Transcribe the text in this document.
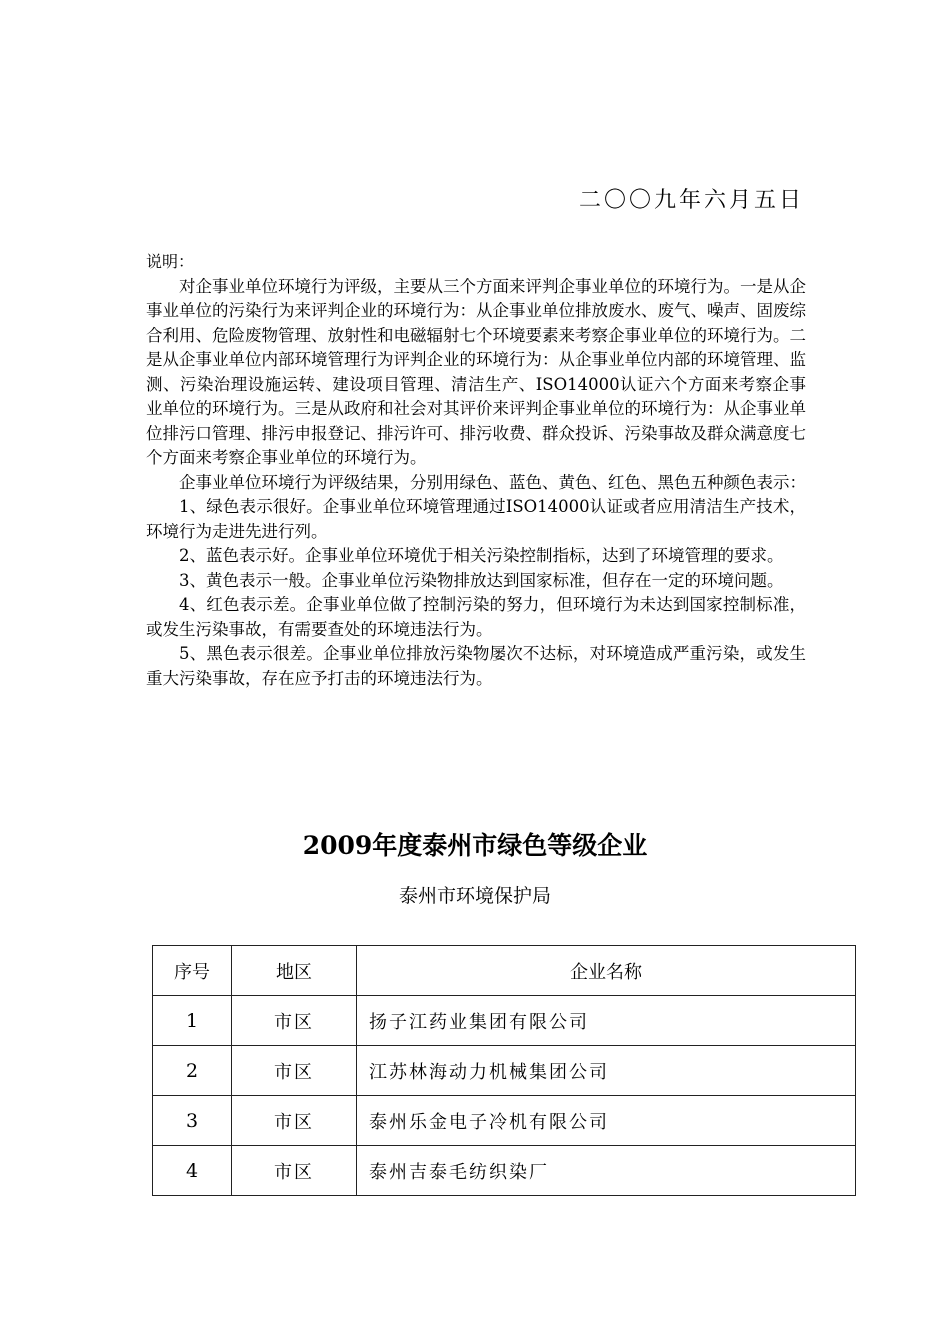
二〇〇九年六月五日
说明：

对企事业单位环境行为评级，主要从三个方面来评判企事业单位的环境行为。一是从企事业单位的污染行为来评判企业的环境行为：从企事业单位排放废水、废气、噪声、固废综合利用、危险废物管理、放射性和电磁辐射七个环境要素来考察企事业单位的环境行为。二是从企事业单位内部环境管理行为评判企业的环境行为：从企事业单位内部的环境管理、监测、污染治理设施运转、建设项目管理、清洁生产、ISO14000认证六个方面来考察企事业单位的环境行为。三是从政府和社会对其评价来评判企事业单位的环境行为：从企事业单位排污口管理、排污申报登记、排污许可、排污收费、群众投诉、污染事故及群众满意度七个方面来考察企事业单位的环境行为。

企事业单位环境行为评级结果，分别用绿色、蓝色、黄色、红色、黑色五种颜色表示：

1、绿色表示很好。企事业单位环境管理通过ISO14000认证或者应用清洁生产技术，环境行为走进先进行列。

2、蓝色表示好。企事业单位环境优于相关污染控制指标，达到了环境管理的要求。

3、黄色表示一般。企事业单位污染物排放达到国家标准，但存在一定的环境问题。

4、红色表示差。企事业单位做了控制污染的努力，但环境行为未达到国家控制标准，或发生污染事故，有需要查处的环境违法行为。

5、黑色表示很差。企事业单位排放污染物屡次不达标，对环境造成严重污染，或发生重大污染事故，存在应予打击的环境违法行为。

2009年度泰州市绿色等级企业
泰州市环境保护局
序号	地区	企业名称
1	市区	扬子江药业集团有限公司
2	市区	江苏林海动力机械集团公司
3	市区	泰州乐金电子冷机有限公司
4	市区	泰州吉泰毛纺织染厂
